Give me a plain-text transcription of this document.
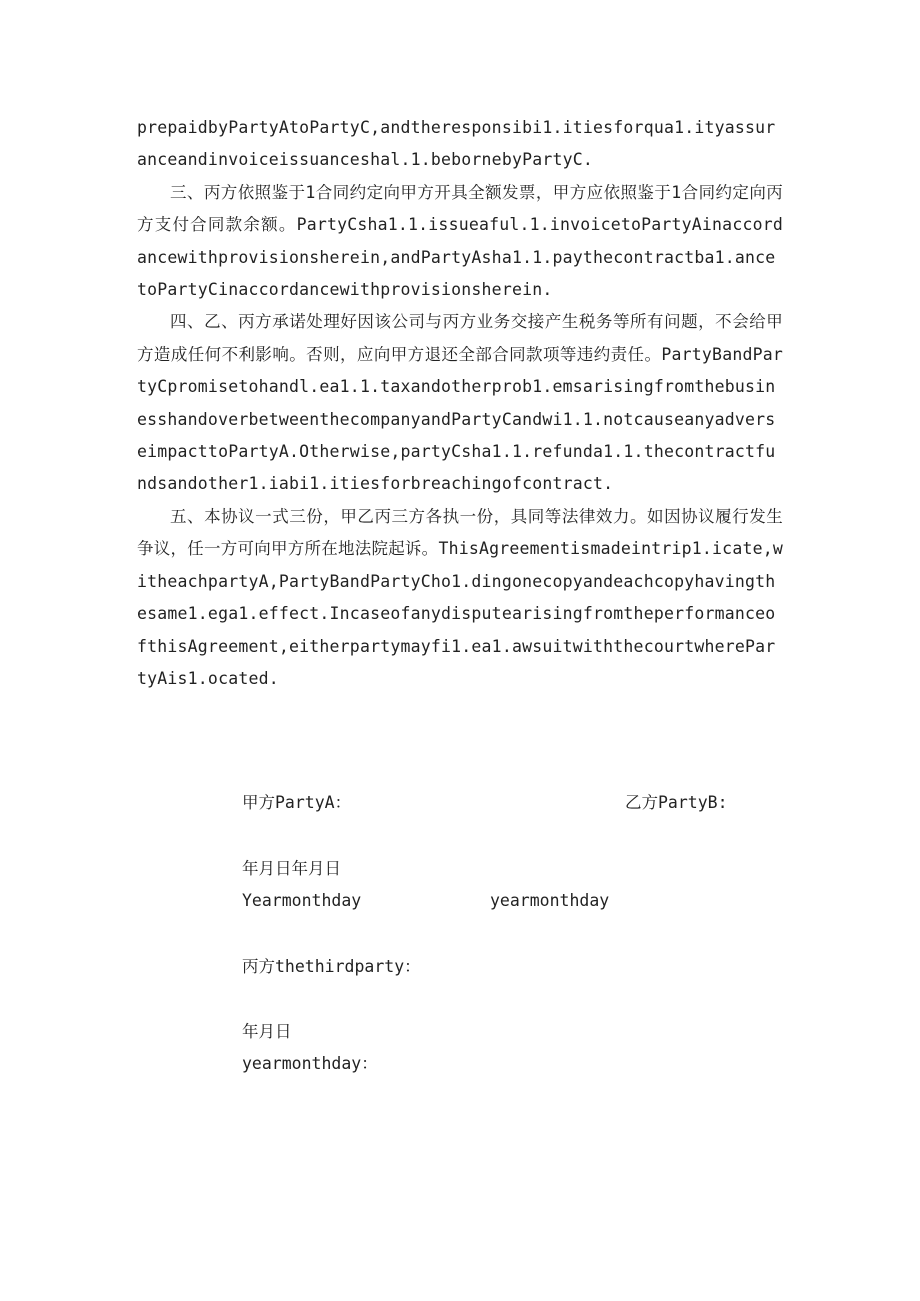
prepaidbyPartyAtoPartyC,andtheresponsibi1.itiesforqua1.ityassuranceandinvoiceissuanceshal.1.bebornebyPartyC.

三、丙方依照鉴于1合同约定向甲方开具全额发票，甲方应依照鉴于1合同约定向丙方支付合同款余额。PartyCsha1.1.issueaful.1.invoicetoPartyAinaccordancewithprovisionsherein,andPartyAsha1.1.paythecontractba1.ancetoPartyCinaccordancewithprovisionsherein.

四、乙、丙方承诺处理好因该公司与丙方业务交接产生税务等所有问题，不会给甲方造成任何不利影响。否则，应向甲方退还全部合同款项等违约责任。PartyBandPartyCpromisetohandl.ea1.1.taxandotherprob1.emsarisingfromthebusinesshandoverbetweenthecompanyandPartyCandwi1.1.notcauseanyadverseimpacttoPartyA.Otherwise,partyCsha1.1.refunda1.1.thecontractfundsandother1.iabi1.itiesforbreachingofcontract.

五、本协议一式三份，甲乙丙三方各执一份，具同等法律效力。如因协议履行发生争议，任一方可向甲方所在地法院起诉。ThisAgreementismadeintrip1.icate,witheachpartyA,PartyBandPartyCho1.dingonecopyandeachcopyhavingthesame1.ega1.effect.IncaseofanydisputearisingfromtheperformanceofthisAgreement,eitherpartymayfi1.ea1.awsuitwiththecourtwherePartyAis1.ocated.

甲方PartyA：	乙方PartyB:
年月日年月日
Yearmonthday	yearmonthday
丙方thethirdparty：
年月日
yearmonthday：
